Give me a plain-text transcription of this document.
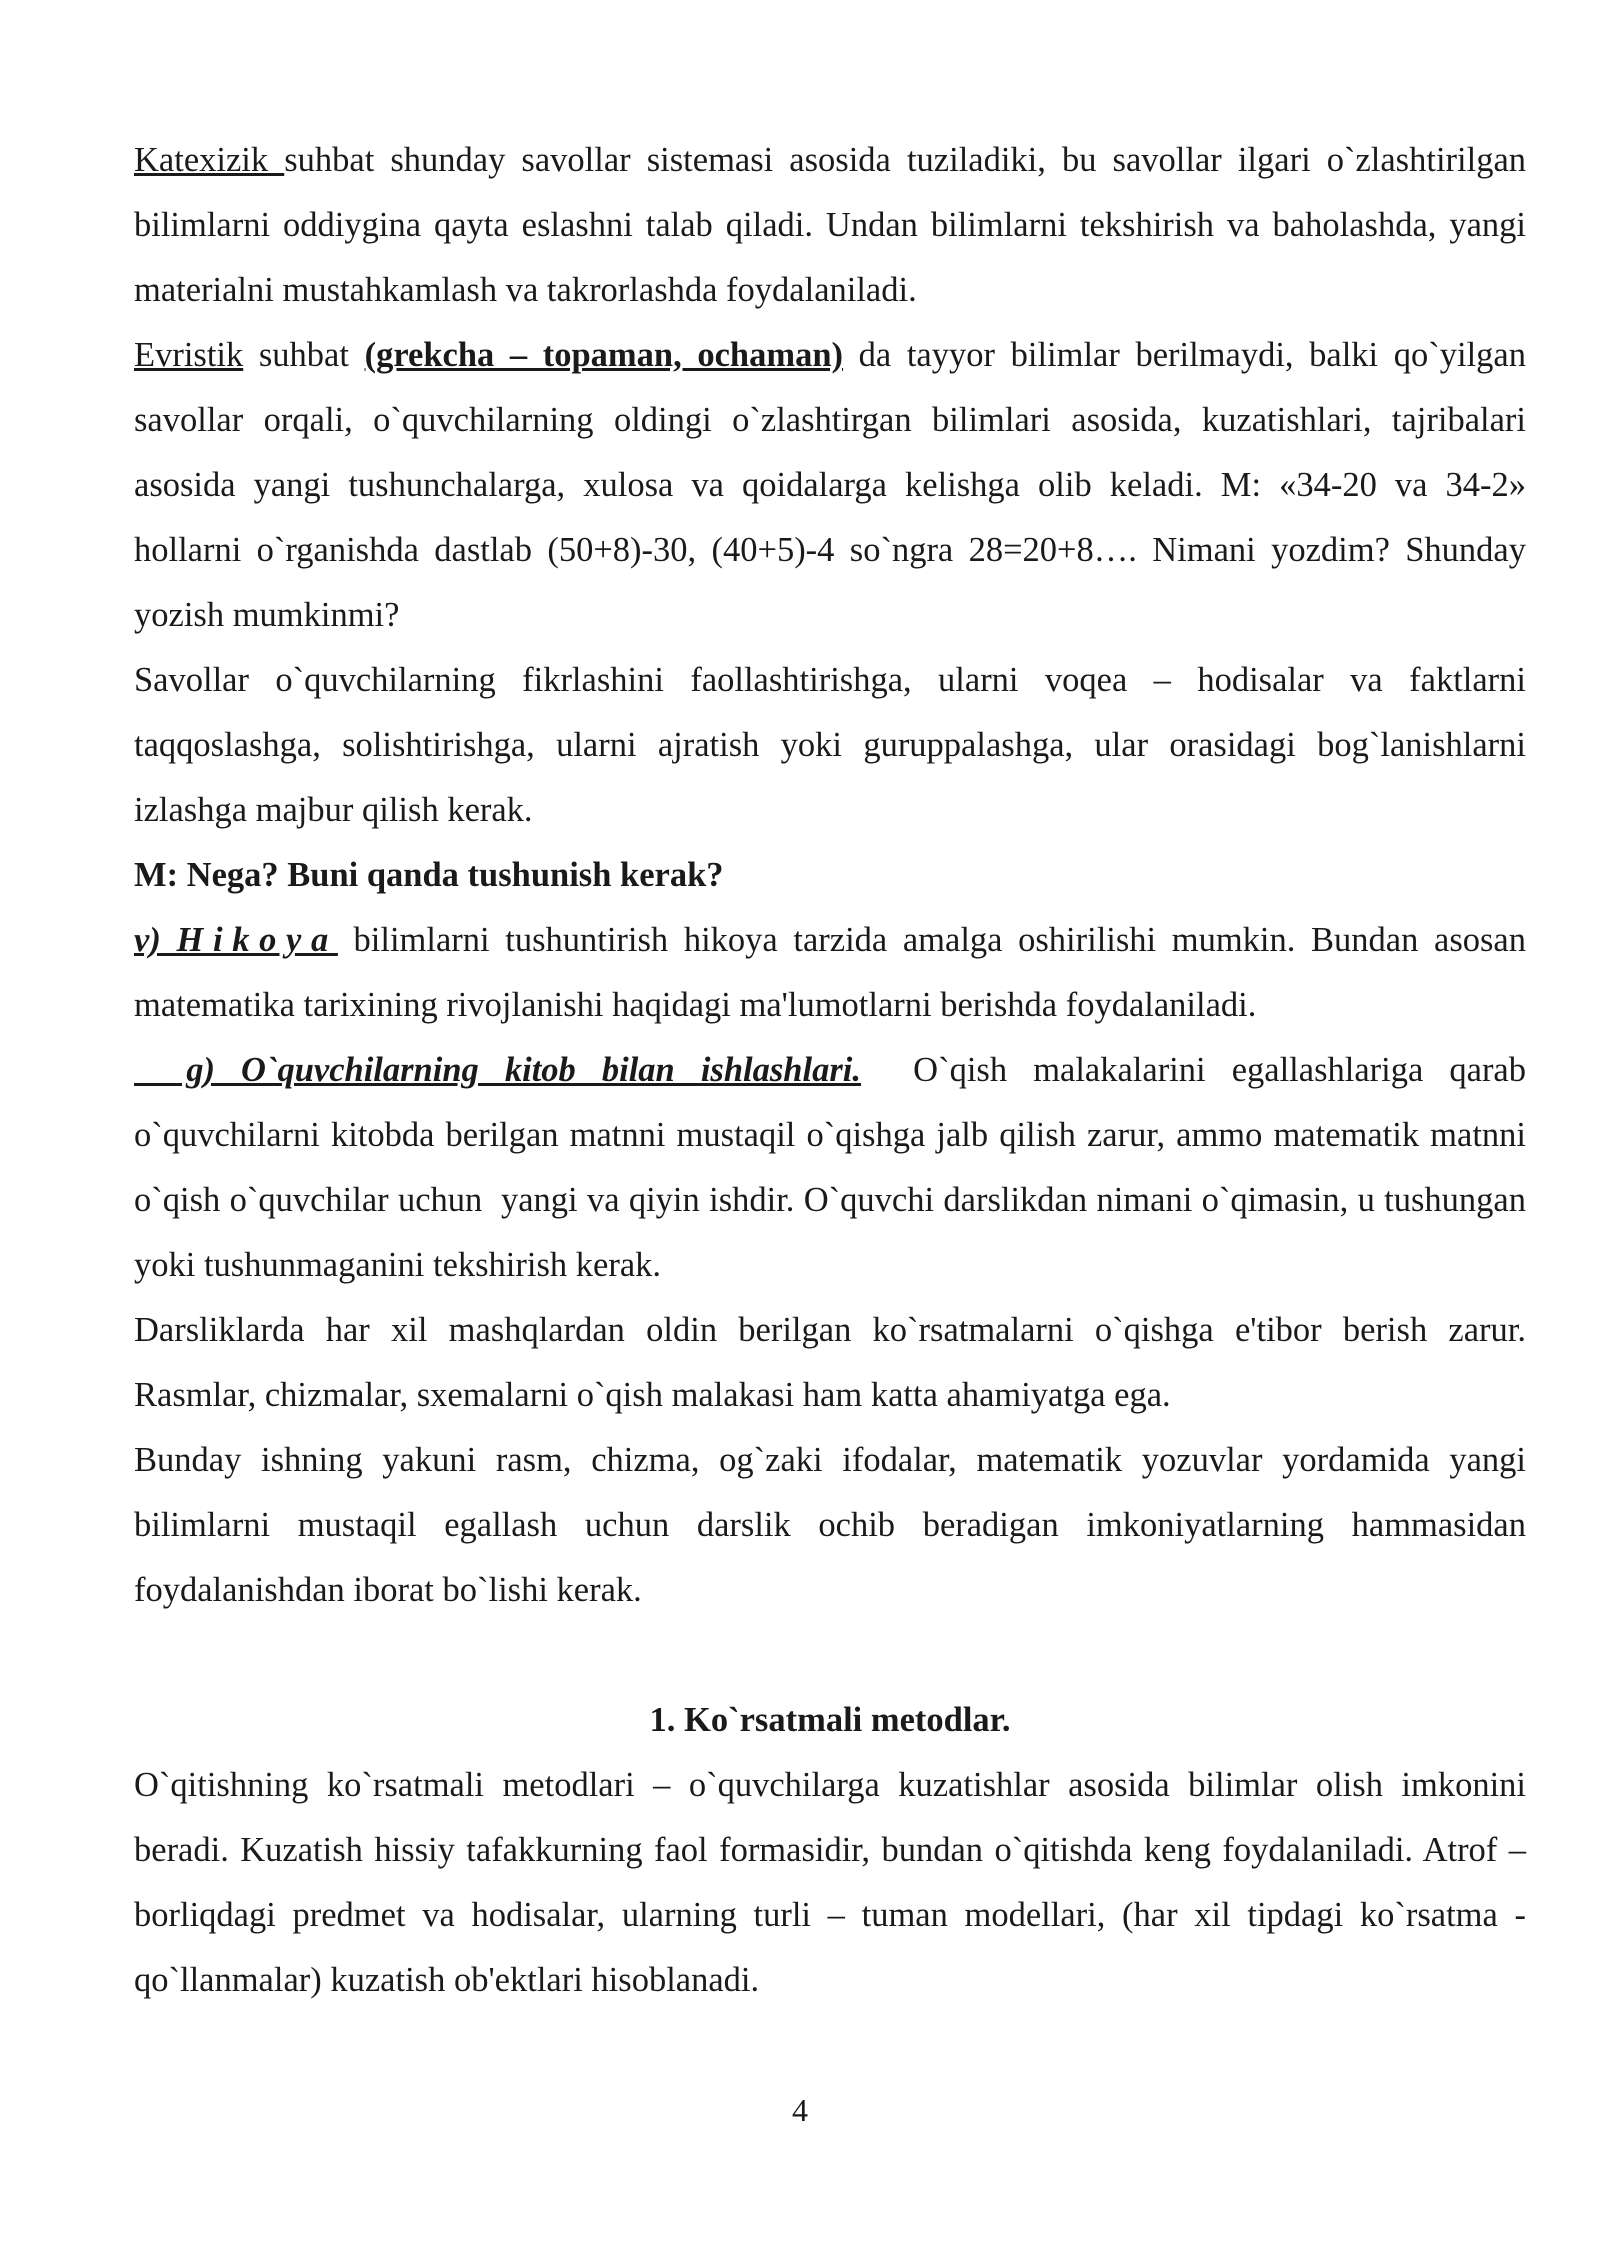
Katexizik suhbat shunday savollar sistemasi asosida tuziladiki, bu savollar ilgari o`zlashtirilgan bilimlarni oddiygina qayta eslashni talab qiladi. Undan bilimlarni tekshirish va baholashda, yangi materialni mustahkamlash va takrorlashda foydalaniladi.

Evristik suhbat (grekcha – topaman, ochaman) da tayyor bilimlar berilmaydi, balki qo`yilgan savollar orqali, o`quvchilarning oldingi o`zlashtirgan bilimlari asosida, kuzatishlari, tajribalari asosida yangi tushunchalarga, xulosa va qoidalarga kelishga olib keladi. M: «34-20 va 34-2» hollarni o`rganishda dastlab (50+8)-30, (40+5)-4 so`ngra 28=20+8…. Nimani yozdim? Shunday yozish mumkinmi?

Savollar o`quvchilarning fikrlashini faollashtirishga, ularni voqea – hodisalar va faktlarni taqqoslashga, solishtirishga, ularni ajratish yoki guruppalashga, ular orasidagi bog`lanishlarni izlashga majbur qilish kerak.

M: Nega? Buni qanda tushunish kerak?

v) Hikoya bilimlarni tushuntirish hikoya tarzida amalga oshirilishi mumkin. Bundan asosan matematika tarixining rivojlanishi haqidagi ma'lumotlarni berishda foydalaniladi.

g) O`quvchilarning kitob bilan ishlashlari.  O`qish malakalarini egallashlariga qarab o`quvchilarni kitobda berilgan matnni mustaqil o`qishga jalb qilish zarur, ammo matematik matnni o`qish o`quvchilar uchun  yangi va qiyin ishdir. O`quvchi darslikdan nimani o`qimasin, u tushungan yoki tushunmaganini tekshirish kerak.

Darsliklarda har xil mashqlardan oldin berilgan ko`rsatmalarni o`qishga e'tibor berish zarur. Rasmlar, chizmalar, sxemalarni o`qish malakasi ham katta ahamiyatga ega.

Bunday ishning yakuni rasm, chizma, og`zaki ifodalar, matematik yozuvlar yordamida yangi bilimlarni mustaqil egallash uchun darslik ochib beradigan imkoniyatlarning hammasidan foydalanishdan iborat bo`lishi kerak.

1. Ko`rsatmali metodlar.

O`qitishning ko`rsatmali metodlari – o`quvchilarga kuzatishlar asosida bilimlar olish imkonini beradi. Kuzatish hissiy tafakkurning faol formasidir, bundan o`qitishda keng foydalaniladi. Atrof – borliqdagi predmet va hodisalar, ularning turli – tuman modellari, (har xil tipdagi ko`rsatma - qo`llanmalar) kuzatish ob'ektlari hisoblanadi.

4
